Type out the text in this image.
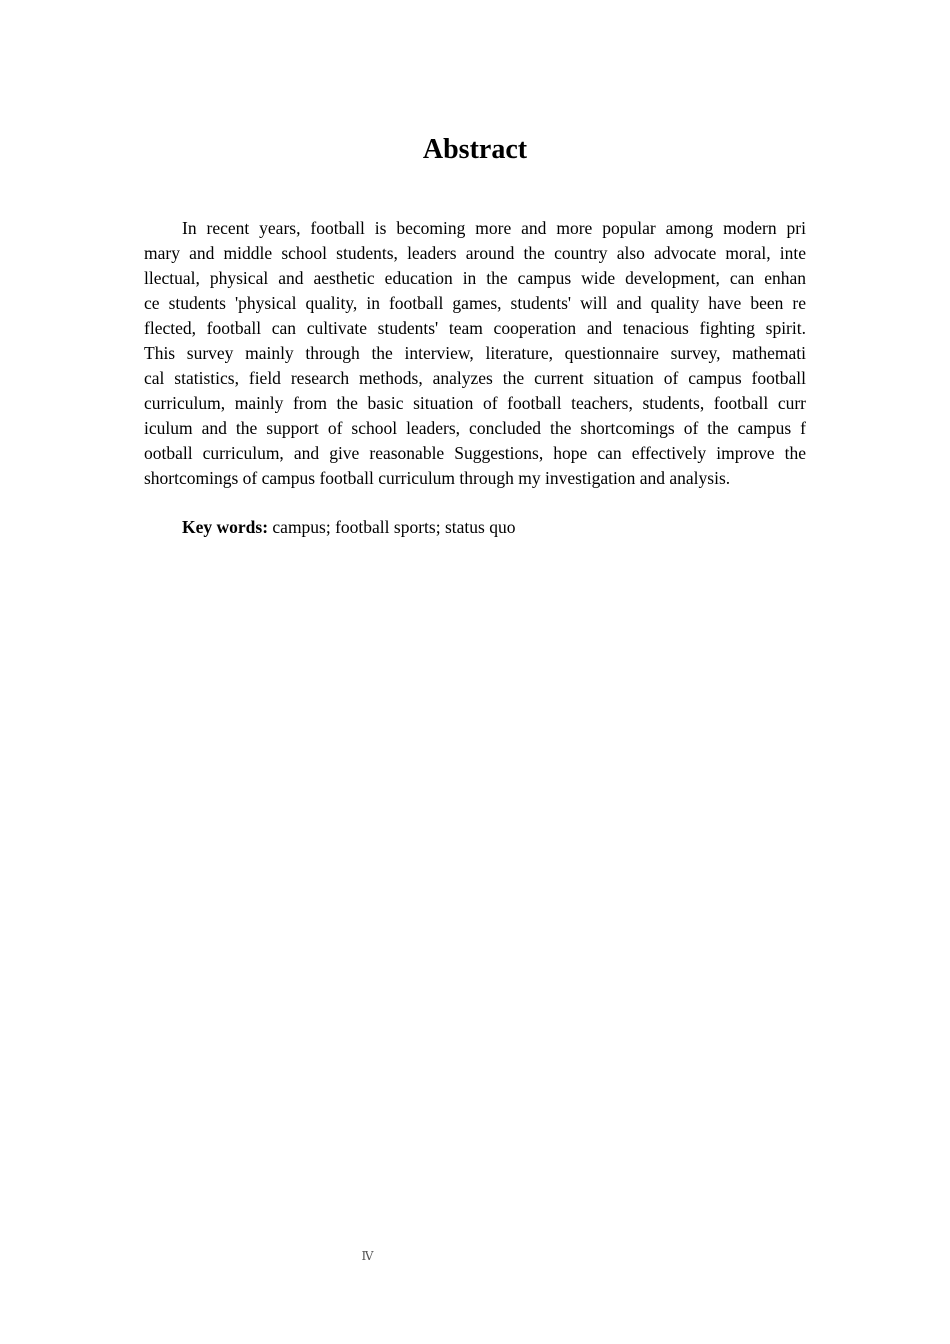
Abstract
In recent years, football is becoming more and more popular among modern pri
mary and middle school students, leaders around the country also advocate moral, inte
llectual, physical and aesthetic education in the campus wide development, can enhan
ce students 'physical quality, in football games, students' will and quality have been re
flected, football can cultivate students' team cooperation and tenacious fighting spirit.
This survey mainly through the interview, literature, questionnaire survey, mathemati
cal statistics, field research methods, analyzes the current situation of campus football
curriculum, mainly from the basic situation of football teachers, students, football curr
iculum and the support of school leaders, concluded the shortcomings of the campus f
ootball curriculum, and give reasonable Suggestions, hope can effectively improve the
shortcomings of campus football curriculum through my investigation and analysis.

Key words: campus; football sports; status quo

Ⅳ
